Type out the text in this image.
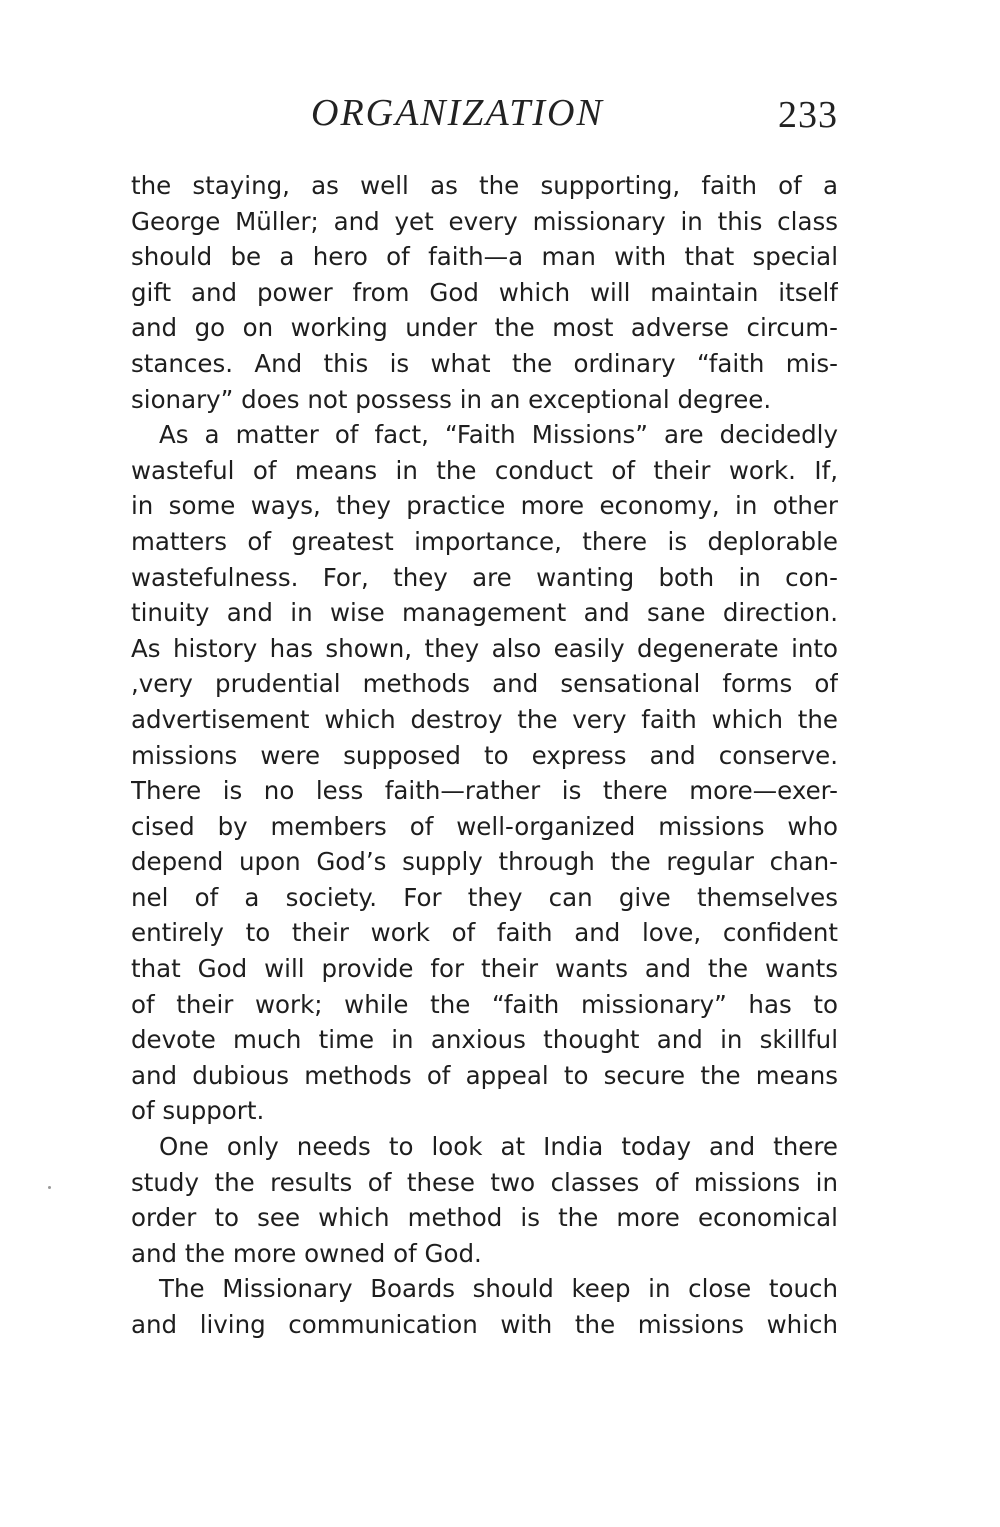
ORGANIZATION	233
the staying, as well as the supporting, faith of a
George Müller; and yet every missionary in this class
should be a hero of faith—a man with that special
gift and power from God which will maintain itself
and go on working under the most adverse circum-
stances. And this is what the ordinary “faith mis-
sionary” does not possess in an exceptional degree.
As a matter of fact, “Faith Missions” are decidedly
wasteful of means in the conduct of their work. If,
in some ways, they practice more economy, in other
matters of greatest importance, there is deplorable
wastefulness. For, they are wanting both in con-
tinuity and in wise management and sane direction.
As history has shown, they also easily degenerate into
,very prudential methods and sensational forms of
advertisement which destroy the very faith which the
missions were supposed to express and conserve.
There is no less faith—rather is there more—exer-
cised by members of well-organized missions who
depend upon God’s supply through the regular chan-
nel of a society. For they can give themselves
entirely to their work of faith and love, confident
that God will provide for their wants and the wants
of their work; while the “faith missionary” has to
devote much time in anxious thought and in skillful
and dubious methods of appeal to secure the means
of support.
One only needs to look at India today and there
study the results of these two classes of missions in
order to see which method is the more economical
and the more owned of God.
The Missionary Boards should keep in close touch
and living communication with the missions which
